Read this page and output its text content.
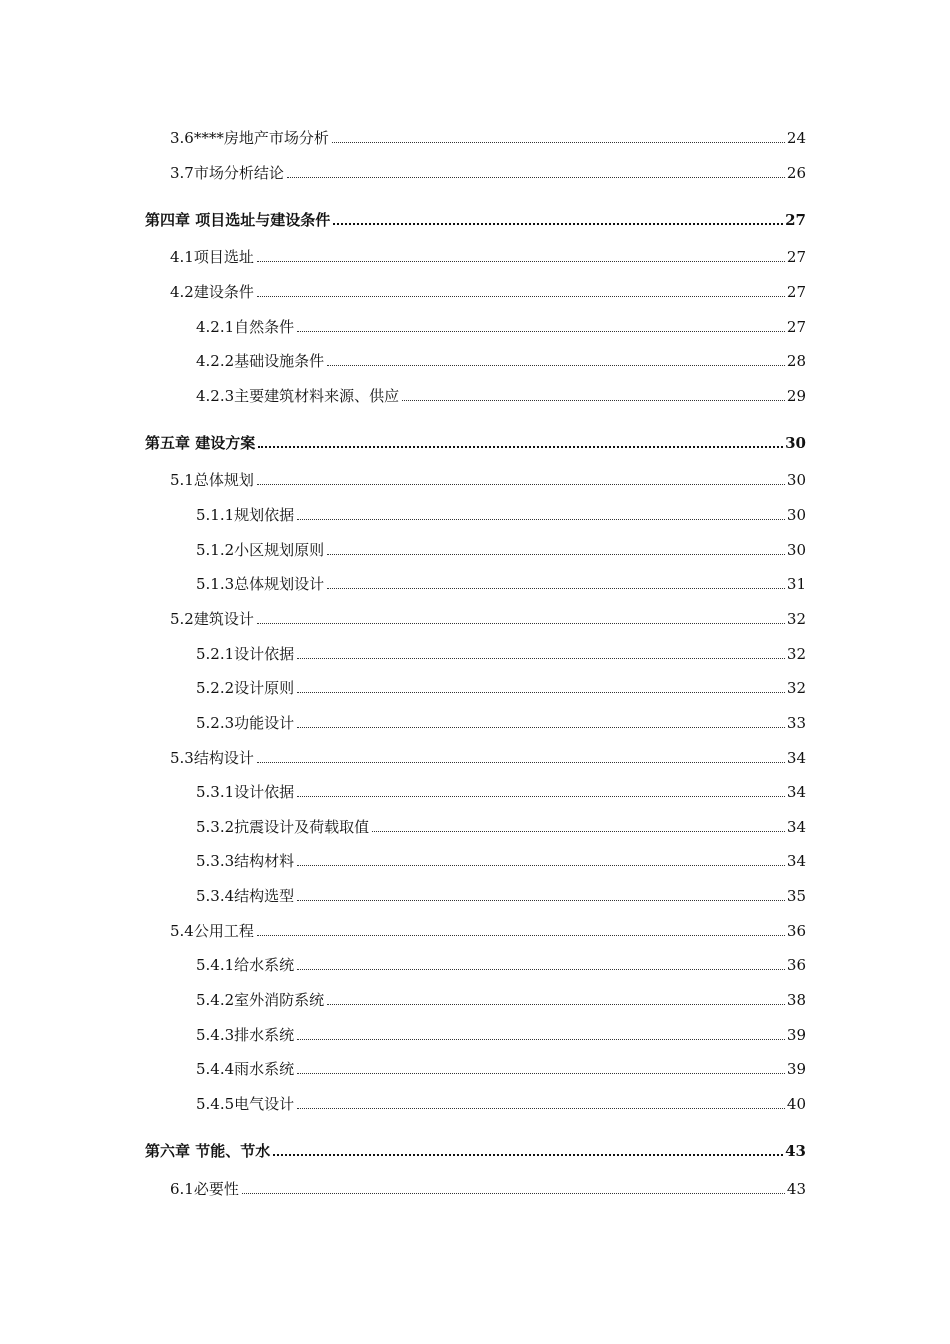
3.6****房地产市场分析	24
3.7市场分析结论	26
第四章 项目选址与建设条件	27
4.1项目选址	27
4.2建设条件	27
4.2.1自然条件	27
4.2.2基础设施条件	28
4.2.3主要建筑材料来源、供应	29
第五章 建设方案	30
5.1总体规划	30
5.1.1规划依据	30
5.1.2小区规划原则	30
5.1.3总体规划设计	31
5.2建筑设计	32
5.2.1设计依据	32
5.2.2设计原则	32
5.2.3功能设计	33
5.3结构设计	34
5.3.1设计依据	34
5.3.2抗震设计及荷载取值	34
5.3.3结构材料	34
5.3.4结构选型	35
5.4公用工程	36
5.4.1给水系统	36
5.4.2室外消防系统	38
5.4.3排水系统	39
5.4.4雨水系统	39
5.4.5电气设计	40
第六章 节能、节水	43
6.1必要性	43
